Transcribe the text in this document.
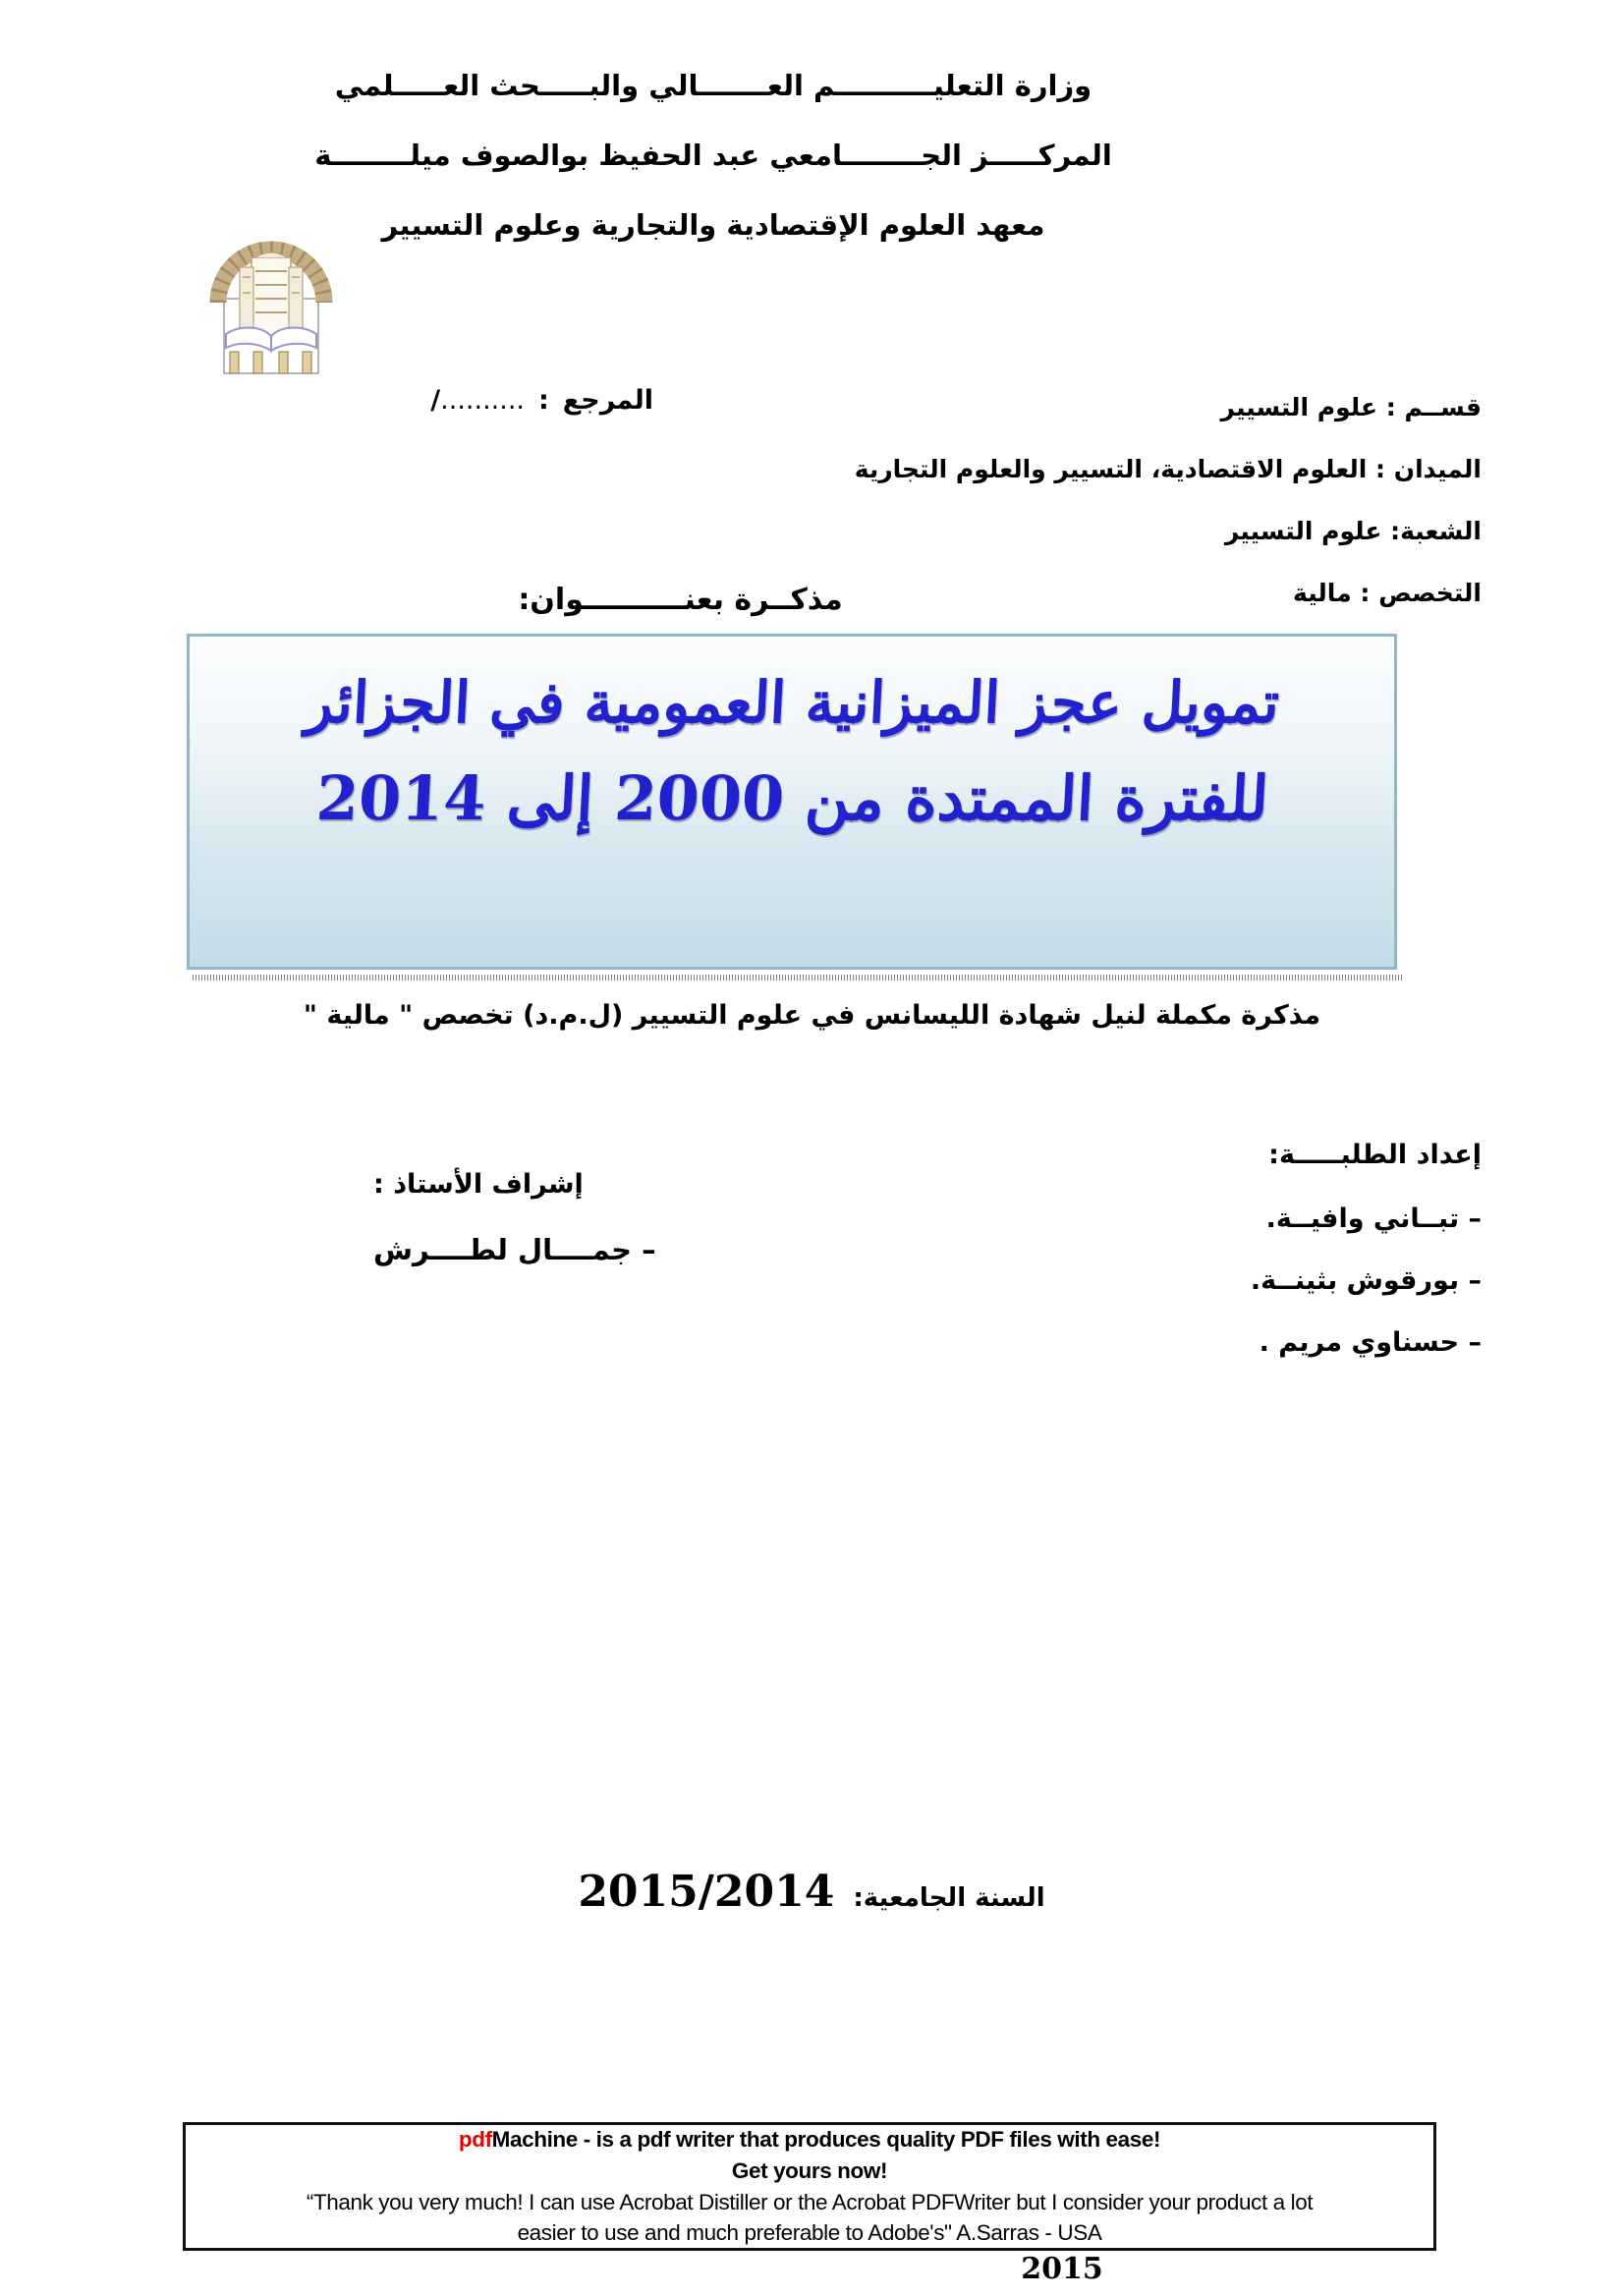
وزارة التعليــــــــــم العـــــــالي والبـــــحث العـــــلمي
المركـــــز الجــــــــامعي عبد الحفيظ بوالصوف ميلــــــــة
معهد العلوم الإقتصادية والتجارية وعلوم التسيير
المرجع:........../
2015
قســم : علوم التسيير
الميدان : العلوم الاقتصادية، التسيير والعلوم التجارية
الشعبة: علوم التسيير
التخصص : مالية
مذكــرة بعنــــــــــوان:
تمويل عجز الميزانية العمومية في الجزائر
للفترة الممتدة من 2000 إلى 2014
مذكرة مكملة لنيل شهادة الليسانس في علوم التسيير (ل.م.د) تخصص " مالية "
إعداد الطلبـــــة:
– تبــاني وافيــة.
– بورقوش بثينــة.
– حسناوي مريم .
إشراف الأستاذ :
– جمــــال لطــــرش
السنة الجامعية: 2015/2014
pdfMachine - is a pdf writer that produces quality PDF files with ease!
Get yours now!
“Thank you very much! I can use Acrobat Distiller or the Acrobat PDFWriter but I consider your product a lot easier to use and much preferable to Adobe's" A.Sarras - USA
